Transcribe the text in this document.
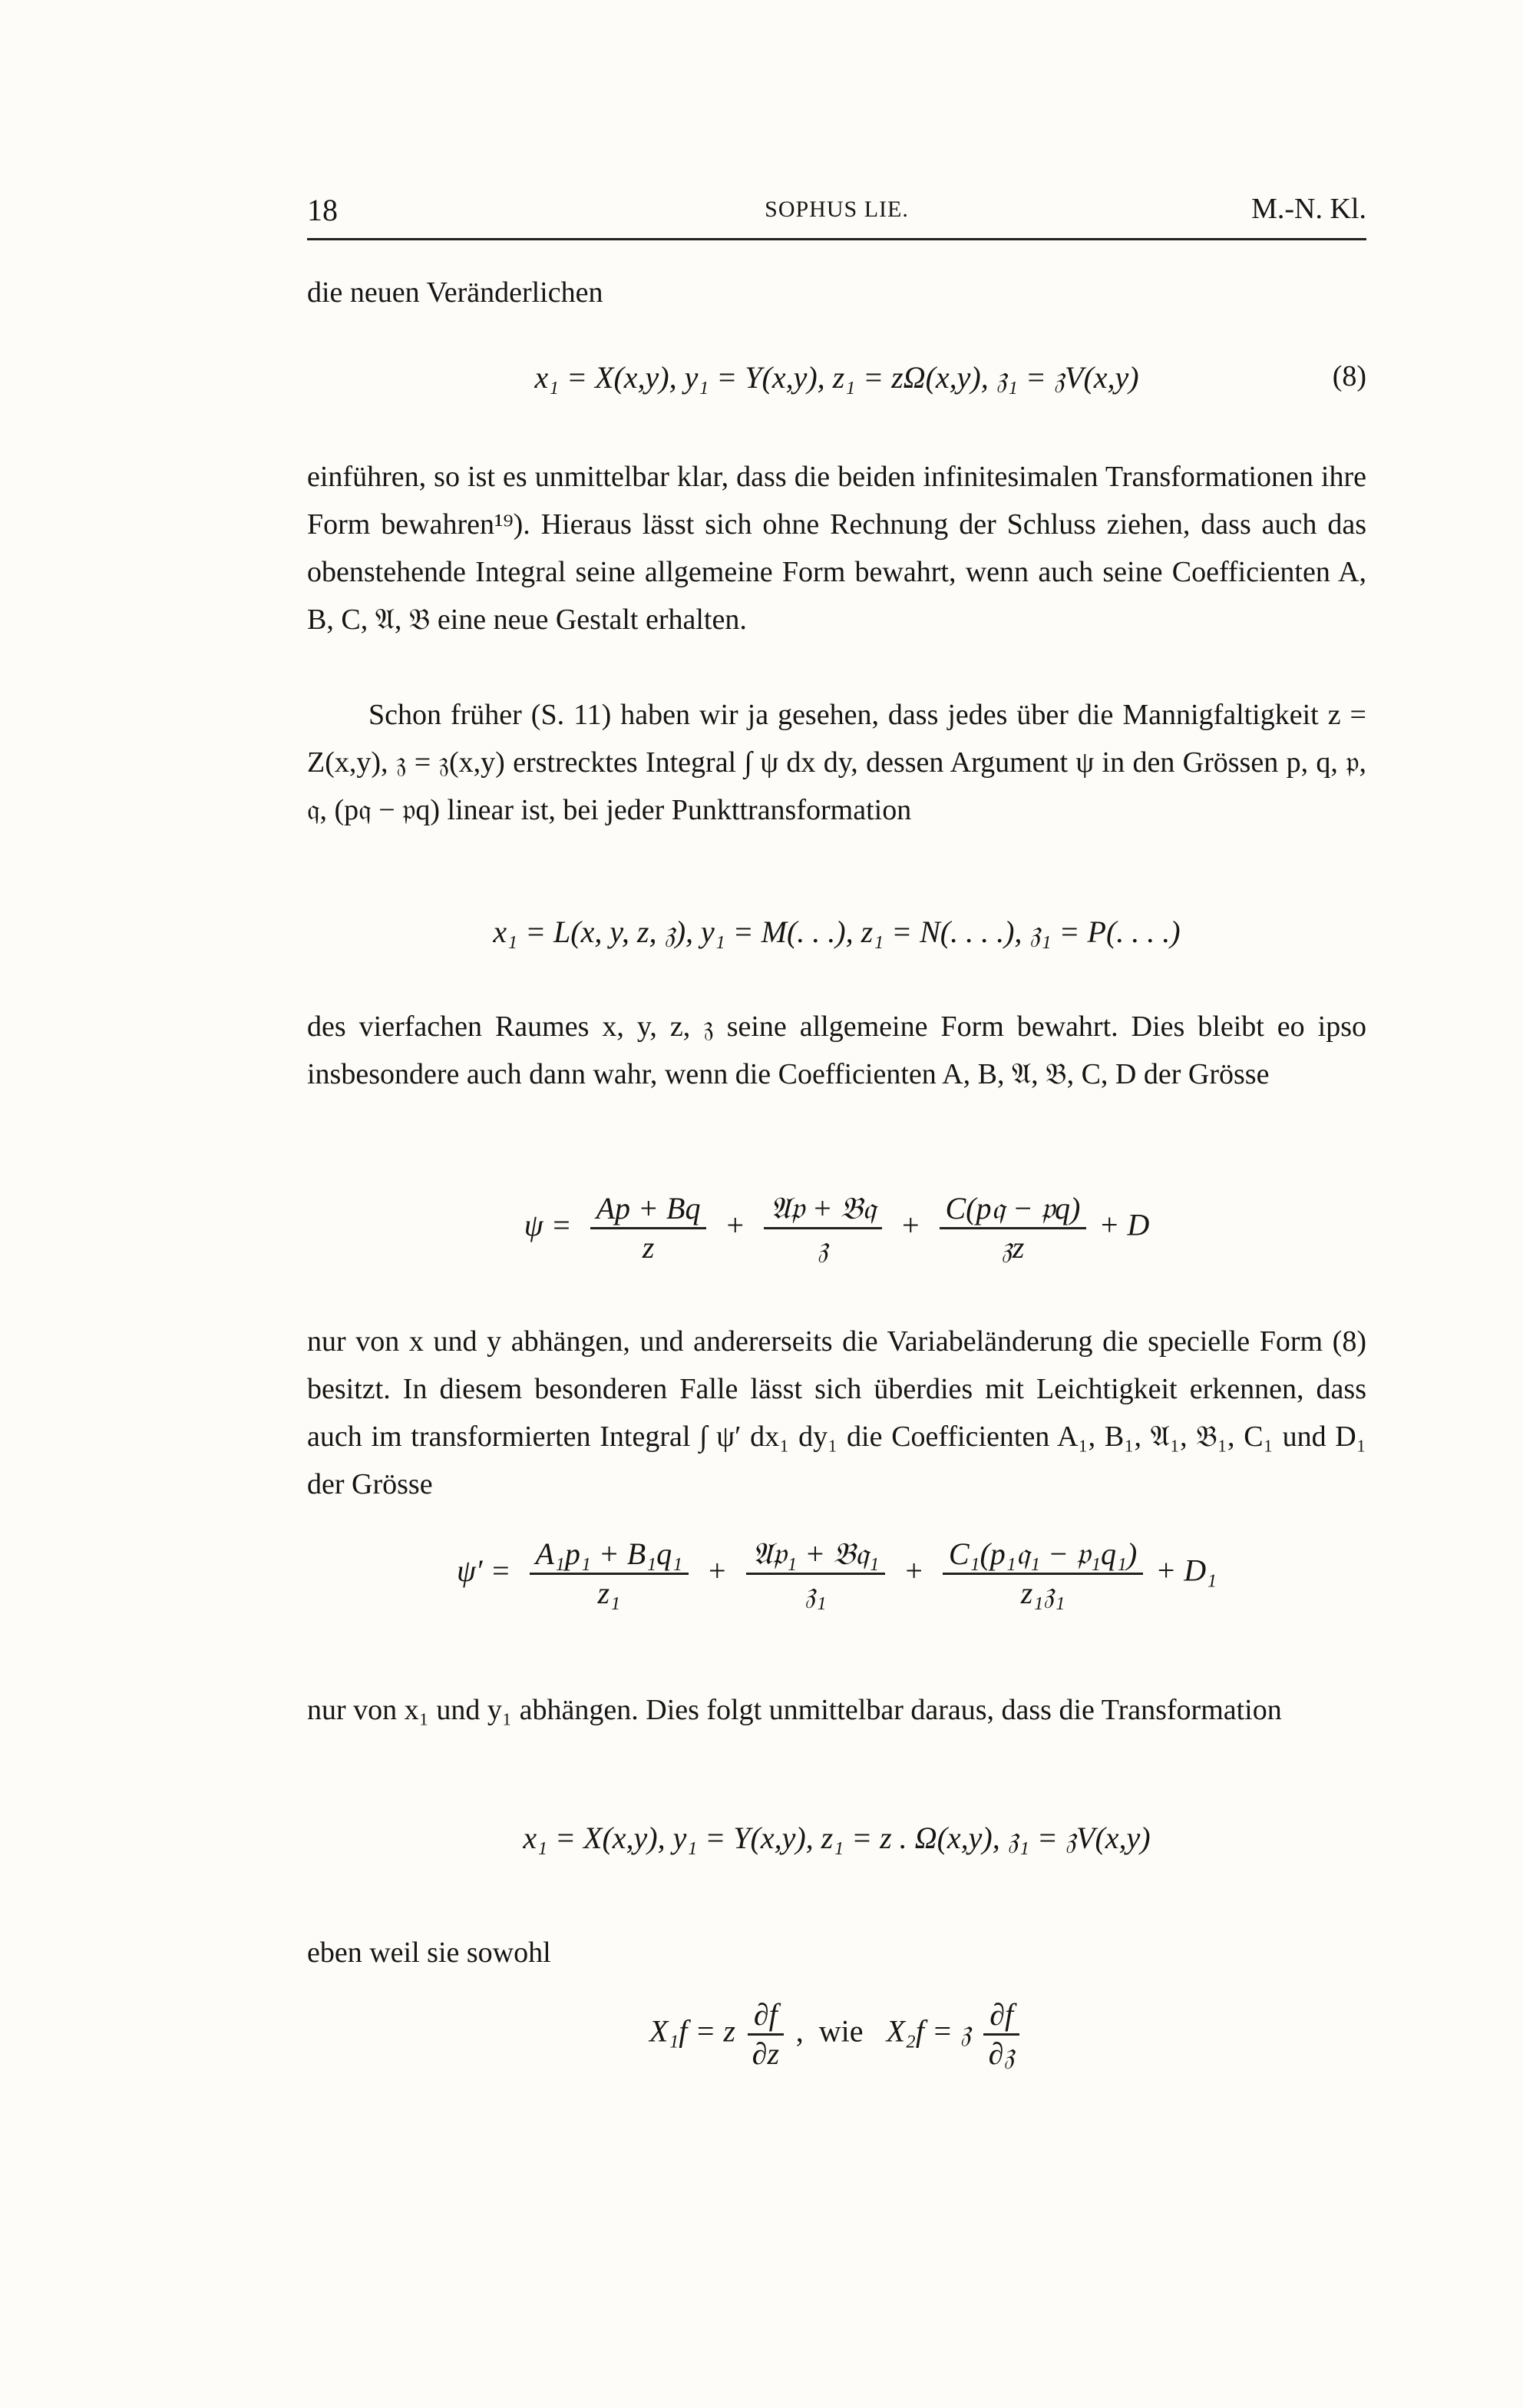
18	SOPHUS LIE.	M.-N. Kl.
die neuen Veränderlichen
x₁ = X(x,y), y₁ = Y(x,y), z₁ = zΩ(x,y), 𝔷₁ = 𝔷V(x,y)	(8)
einführen, so ist es unmittelbar klar, dass die beiden infinitesimalen Transformationen ihre Form bewahren¹⁹). Hieraus lässt sich ohne Rechnung der Schluss ziehen, dass auch das obenstehende Integral seine allgemeine Form bewahrt, wenn auch seine Coefficienten A, B, C, 𝔄, 𝔅 eine neue Gestalt erhalten.
Schon früher (S. 11) haben wir ja gesehen, dass jedes über die Mannigfaltigkeit z = Z(x,y), 𝔷 = 𝔷(x,y) erstrecktes Integral ∫ ψ dx dy, dessen Argument ψ in den Grössen p, q, 𝔭, 𝔮, (p𝔮 − 𝔭q) linear ist, bei jeder Punkttransformation
x₁ = L(x, y, z, 𝔷), y₁ = M(. . .), z₁ = N(. . . .), 𝔷₁ = P(. . . .)
des vierfachen Raumes x, y, z, 𝔷 seine allgemeine Form bewahrt. Dies bleibt eo ipso insbesondere auch dann wahr, wenn die Coefficienten A, B, 𝔄, 𝔅, C, D der Grösse
$\psi = \frac{Ap + Bq}{z} + \frac{\text{𝔄𝔭 + 𝔅𝔮}}{\text{𝔷}} + \frac{\text{C(p𝔮 − 𝔭q)}}{\text{𝔷z}} + D$
nur von x und y abhängen, und andererseits die Variabeländerung die specielle Form (8) besitzt. In diesem besonderen Falle lässt sich überdies mit Leichtigkeit erkennen, dass auch im transformierten Integral ∫ ψ′ dx₁ dy₁ die Coefficienten A₁, B₁, 𝔄₁, 𝔅₁, C₁ und D₁ der Grösse
$\psi' = \frac{\text{A₁p₁ + B₁q₁}}{\text{z₁}} + \frac{\text{𝔄𝔭₁ + 𝔅𝔮₁}}{\text{𝔷₁}} + \frac{\text{C₁(p₁𝔮₁ − 𝔭₁q₁)}}{\text{z₁𝔷₁}} + D_1$
nur von x₁ und y₁ abhängen. Dies folgt unmittelbar daraus, dass die Transformation
x₁ = X(x,y), y₁ = Y(x,y), z₁ = z . Ω(x,y), 𝔷₁ = 𝔷V(x,y)
eben weil sie sowohl
X₁f = z $\frac{\partial f}{\partial z}$ ,  wie   X₂f = 𝔷 $\frac{\partial f}{\text{∂𝔷}}$
